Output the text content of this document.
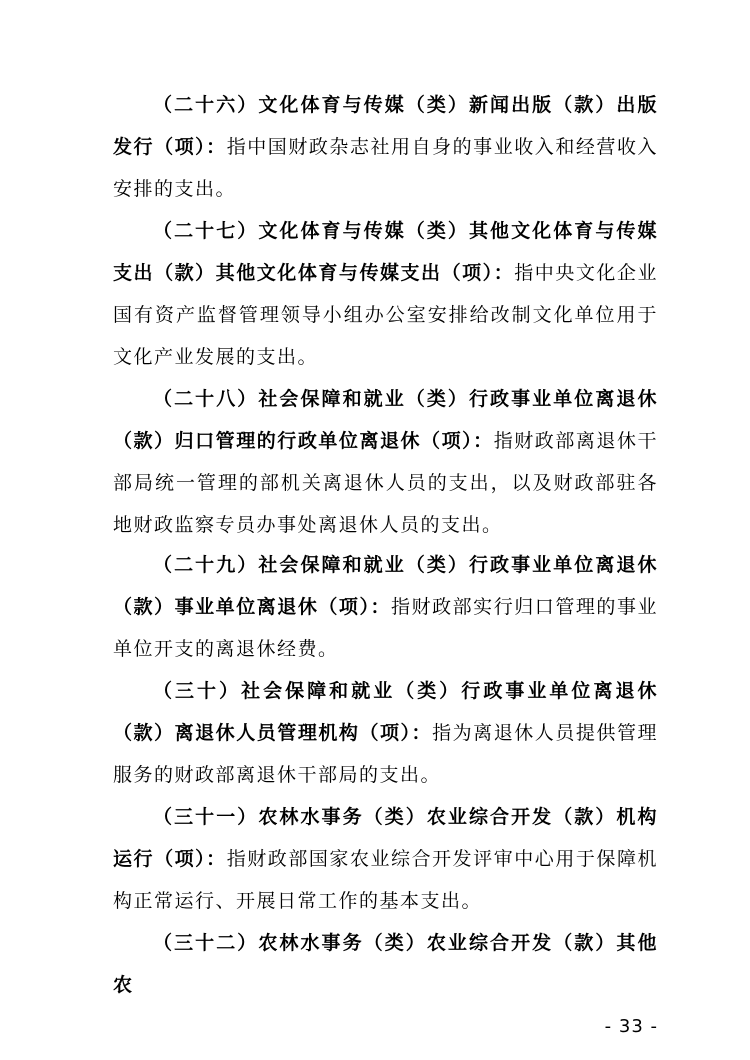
（二十六）文化体育与传媒（类）新闻出版（款）出版发行（项）：指中国财政杂志社用自身的事业收入和经营收入安排的支出。

（二十七）文化体育与传媒（类）其他文化体育与传媒支出（款）其他文化体育与传媒支出（项）：指中央文化企业国有资产监督管理领导小组办公室安排给改制文化单位用于文化产业发展的支出。

（二十八）社会保障和就业（类）行政事业单位离退休（款）归口管理的行政单位离退休（项）：指财政部离退休干部局统一管理的部机关离退休人员的支出，以及财政部驻各地财政监察专员办事处离退休人员的支出。

（二十九）社会保障和就业（类）行政事业单位离退休（款）事业单位离退休（项）：指财政部实行归口管理的事业单位开支的离退休经费。

（三十）社会保障和就业（类）行政事业单位离退休（款）离退休人员管理机构（项）：指为离退休人员提供管理服务的财政部离退休干部局的支出。

（三十一）农林水事务（类）农业综合开发（款）机构运行（项）：指财政部国家农业综合开发评审中心用于保障机构正常运行、开展日常工作的基本支出。

（三十二）农林水事务（类）农业综合开发（款）其他农

- 33 -
